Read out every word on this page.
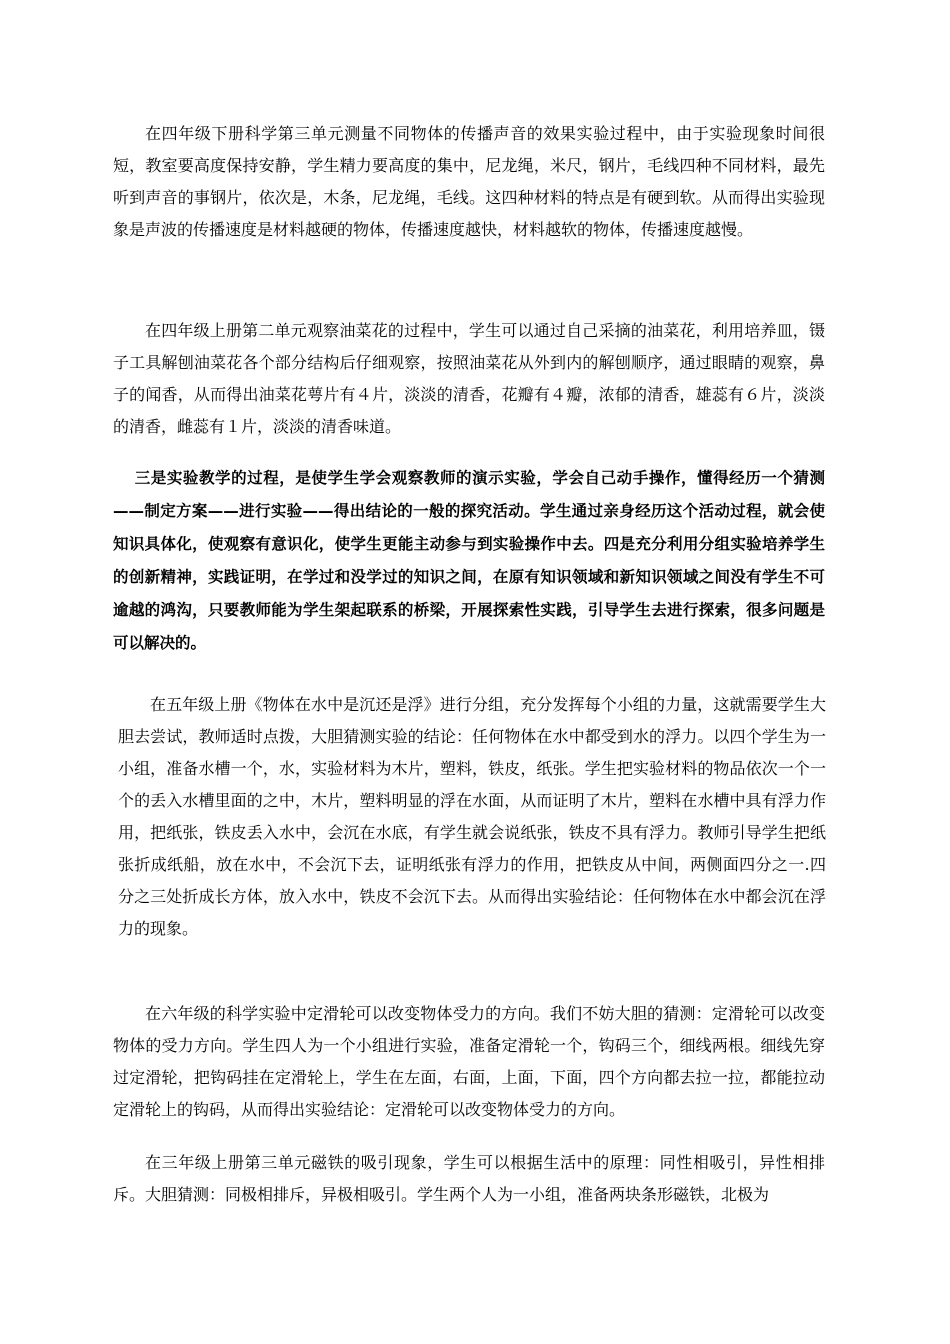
在四年级下册科学第三单元测量不同物体的传播声音的效果实验过程中，由于实验现象时间很短，教室要高度保持安静，学生精力要高度的集中，尼龙绳，米尺，钢片，毛线四种不同材料，最先听到声音的事钢片，依次是，木条，尼龙绳，毛线。这四种材料的特点是有硬到软。从而得出实验现象是声波的传播速度是材料越硬的物体，传播速度越快，材料越软的物体，传播速度越慢。

在四年级上册第二单元观察油菜花的过程中，学生可以通过自己采摘的油菜花，利用培养皿，镊子工具解刨油菜花各个部分结构后仔细观察，按照油菜花从外到内的解刨顺序，通过眼睛的观察，鼻子的闻香，从而得出油菜花萼片有４片，淡淡的清香，花瓣有４瓣，浓郁的清香，雄蕊有６片，淡淡的清香，雌蕊有１片，淡淡的清香味道。

三是实验教学的过程，是使学生学会观察教师的演示实验，学会自己动手操作，懂得经历一个猜测——制定方案——进行实验——得出结论的一般的探究活动。学生通过亲身经历这个活动过程，就会使知识具体化，使观察有意识化，使学生更能主动参与到实验操作中去。四是充分利用分组实验培养学生的创新精神，实践证明，在学过和没学过的知识之间，在原有知识领域和新知识领域之间没有学生不可逾越的鸿沟，只要教师能为学生架起联系的桥梁，开展探索性实践，引导学生去进行探索，很多问题是可以解决的。

在五年级上册《物体在水中是沉还是浮》进行分组，充分发挥每个小组的力量，这就需要学生大胆去尝试，教师适时点拨，大胆猜测实验的结论：任何物体在水中都受到水的浮力。以四个学生为一小组，准备水槽一个，水，实验材料为木片，塑料，铁皮，纸张。学生把实验材料的物品依次一个一个的丢入水槽里面的之中，木片，塑料明显的浮在水面，从而证明了木片，塑料在水槽中具有浮力作用，把纸张，铁皮丢入水中，会沉在水底，有学生就会说纸张，铁皮不具有浮力。教师引导学生把纸张折成纸船，放在水中，不会沉下去，证明纸张有浮力的作用，把铁皮从中间，两侧面四分之一.四分之三处折成长方体，放入水中，铁皮不会沉下去。从而得出实验结论：任何物体在水中都会沉在浮力的现象。

在六年级的科学实验中定滑轮可以改变物体受力的方向。我们不妨大胆的猜测：定滑轮可以改变物体的受力方向。学生四人为一个小组进行实验，准备定滑轮一个，钩码三个，细线两根。细线先穿过定滑轮，把钩码挂在定滑轮上，学生在左面，右面，上面，下面，四个方向都去拉一拉，都能拉动定滑轮上的钩码，从而得出实验结论：定滑轮可以改变物体受力的方向。

在三年级上册第三单元磁铁的吸引现象，学生可以根据生活中的原理：同性相吸引，异性相排斥。大胆猜测：同极相排斥，异极相吸引。学生两个人为一小组，准备两块条形磁铁，北极为
